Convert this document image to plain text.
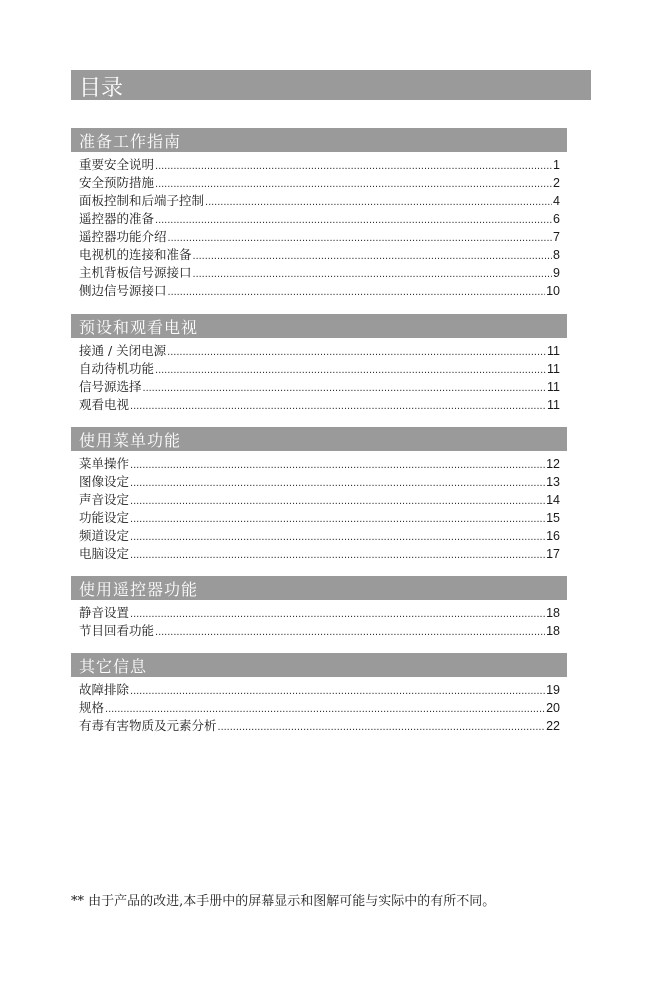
目录
准备工作指南
重要安全说明 .....	1
安全预防措施 .....	2
面板控制和后端子控制 .....	4
遥控器的准备 .....	6
遥控器功能介绍 .....	7
电视机的连接和准备 .....	8
主机背板信号源接口 .....	9
侧边信号源接口 .....	10
预设和观看电视
接通 / 关闭电源 .....	11
自动待机功能 .....	11
信号源选择 .....	11
观看电视 .....	11
使用菜单功能
菜单操作 .....	12
图像设定 .....	13
声音设定 .....	14
功能设定 .....	15
频道设定 .....	16
电脑设定 .....	17
使用遥控器功能
静音设置 .....	18
节目回看功能 .....	18
其它信息
故障排除 .....	19
规格 .....	20
有毒有害物质及元素分析 .....	22
** 由于产品的改进,本手册中的屏幕显示和图解可能与实际中的有所不同。
